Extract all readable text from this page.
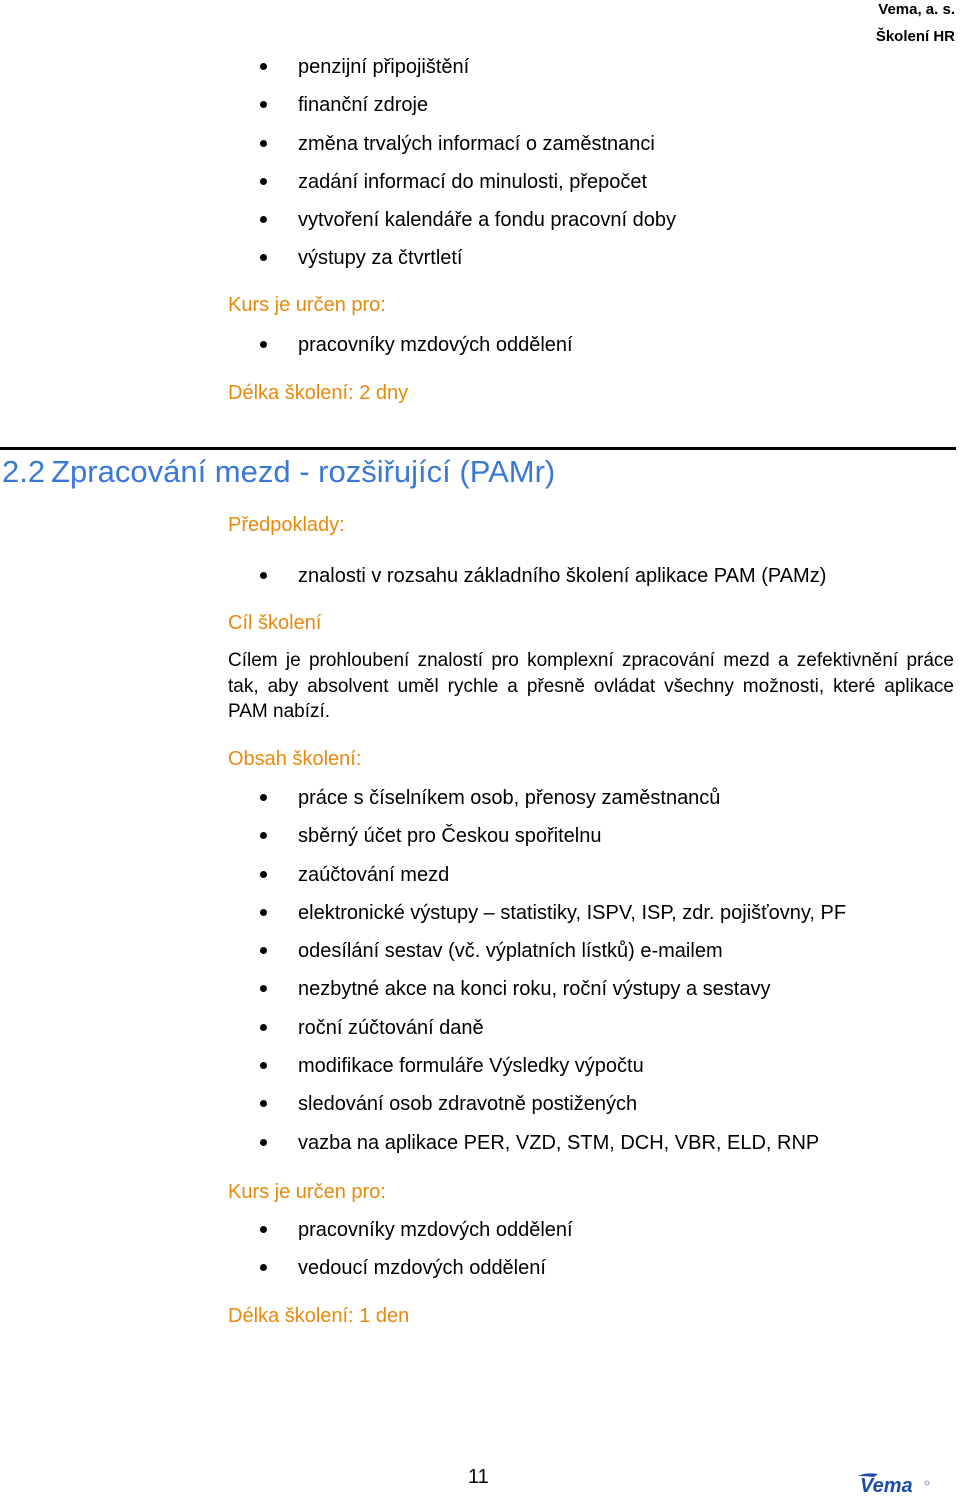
Vema, a. s.
Školení HR
penzijní připojištění
finanční zdroje
změna trvalých informací o zaměstnanci
zadání informací do minulosti, přepočet
vytvoření kalendáře a fondu pracovní doby
výstupy za čtvrtletí
Kurs je určen pro:
pracovníky mzdových oddělení
Délka školení: 2 dny
2.2 Zpracování mezd - rozšiřující (PAMr)
Předpoklady:
znalosti v rozsahu základního školení aplikace PAM (PAMz)
Cíl školení
Cílem je prohloubení znalostí pro komplexní zpracování mezd a zefektivnění práce tak, aby absolvent uměl rychle a přesně ovládat všechny možnosti, které aplikace PAM nabízí.
Obsah školení:
práce s číselníkem osob, přenosy zaměstnanců
sběrný účet pro Českou spořitelnu
zaúčtování mezd
elektronické výstupy – statistiky, ISPV, ISP, zdr. pojišťovny, PF
odesílání sestav (vč. výplatních lístků) e-mailem
nezbytné akce na konci roku, roční výstupy a sestavy
roční zúčtování daně
modifikace formuláře Výsledky výpočtu
sledování osob zdravotně postižených
vazba na aplikace PER, VZD, STM, DCH, VBR, ELD, RNP
Kurs je určen pro:
pracovníky mzdových oddělení
vedoucí mzdových oddělení
Délka školení: 1 den
11	Vema
